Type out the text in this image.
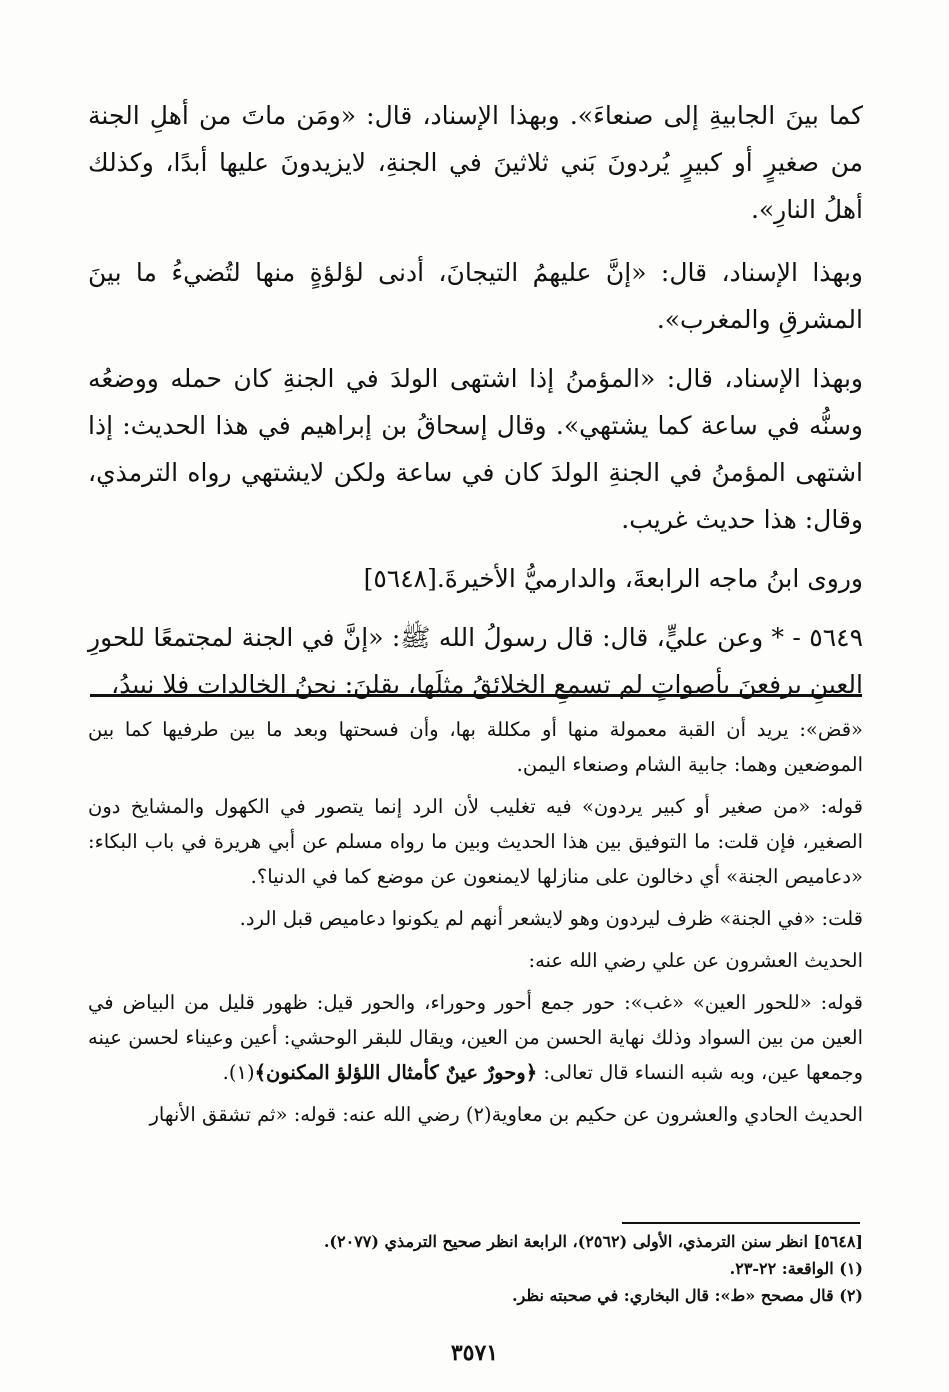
كما بينَ الجابيةِ إلى صنعاءَ». وبهذا الإسناد، قال: «ومَن ماتَ من أهلِ الجنة من صغيرٍ أو كبيرٍ يُردونَ بَني ثلاثينَ في الجنةِ، لايزيدونَ عليها أبدًا، وكذلك أهلُ النارِ».

وبهذا الإسناد، قال: «إنَّ عليهمُ التيجانَ، أدنى لؤلؤةٍ منها لتُضيءُ ما بينَ المشرقِ والمغرب».

وبهذا الإسناد، قال: «المؤمنُ إذا اشتهى الولدَ في الجنةِ كان حمله ووضعُه وسنُّه في ساعة كما يشتهي». وقال إسحاقُ بن إبراهيم في هذا الحديث: إذا اشتهى المؤمنُ في الجنةِ الولدَ كان في ساعة ولكن لايشتهي رواه الترمذي، وقال: هذا حديث غريب.

وروى ابنُ ماجه الرابعةَ، والدارميُّ الأخيرةَ.[٥٦٤٨]

٥٦٤٩ - * وعن عليٍّ، قال: قال رسولُ الله ﷺ: «إنَّ في الجنة لمجتمعًا للحورِ العينِ يرفعنَ بأصواتٍ لم تسمعِ الخلائقُ مثلَها، يقلنَ: نحنُ الخالدات فلا نبيدُ،

«قض»: يريد أن القبة معمولة منها أو مكللة بها، وأن فسحتها وبعد ما بين طرفيها كما بين الموضعين وهما: جابية الشام وصنعاء اليمن.

قوله: «من صغير أو كبير يردون» فيه تغليب لأن الرد إنما يتصور في الكهول والمشايخ دون الصغير، فإن قلت: ما التوفيق بين هذا الحديث وبين ما رواه مسلم عن أبي هريرة في باب البكاء: «دعاميص الجنة» أي دخالون على منازلها لايمنعون عن موضع كما في الدنيا؟.

قلت: «في الجنة» ظرف ليردون وهو لايشعر أنهم لم يكونوا دعاميص قبل الرد.

الحديث العشرون عن علي رضي الله عنه:

قوله: «للحور العين» «غب»: حور جمع أحور وحوراء، والحور قيل: ظهور قليل من البياض في العين من بين السواد وذلك نهاية الحسن من العين، ويقال للبقر الوحشي: أعين وعيناء لحسن عينه وجمعها عين، وبه شبه النساء قال تعالى: ﴿وحورٌ عينٌ كأمثال اللؤلؤ المكنون﴾(١).

الحديث الحادي والعشرون عن حكيم بن معاوية(٢) رضي الله عنه: قوله: «ثم تشقق الأنهار

[٥٦٤٨] انظر سنن الترمذي، الأولى (٢٥٦٢)، الرابعة انظر صحيح الترمذي (٢٠٧٧).
(١) الواقعة: ٢٢-٢٣.
(٢) قال مصحح «ط»: قال البخاري: في صحبته نظر.
٣٥٧١
